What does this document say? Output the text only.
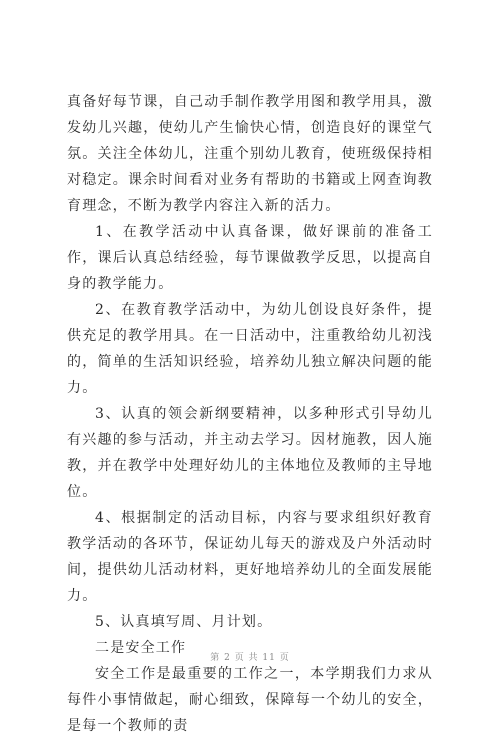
真备好每节课，自己动手制作教学用图和教学用具，激发幼儿兴趣，使幼儿产生愉快心情，创造良好的课堂气氛。关注全体幼儿，注重个别幼儿教育，使班级保持相对稳定。课余时间看对业务有帮助的书籍或上网查询教育理念，不断为教学内容注入新的活力。

1、在教学活动中认真备课，做好课前的准备工作，课后认真总结经验，每节课做教学反思，以提高自身的教学能力。

2、在教育教学活动中，为幼儿创设良好条件，提供充足的教学用具。在一日活动中，注重教给幼儿初浅的，简单的生活知识经验，培养幼儿独立解决问题的能力。

3、认真的领会新纲要精神，以多种形式引导幼儿有兴趣的参与活动，并主动去学习。因材施教，因人施教，并在教学中处理好幼儿的主体地位及教师的主导地位。

4、根据制定的活动目标，内容与要求组织好教育教学活动的各环节，保证幼儿每天的游戏及户外活动时间，提供幼儿活动材料，更好地培养幼儿的全面发展能力。

5、认真填写周、月计划。

二是安全工作

安全工作是最重要的工作之一，本学期我们力求从每件小事情做起，耐心细致，保障每一个幼儿的安全，是每一个教师的责

第 2 页 共 11 页
